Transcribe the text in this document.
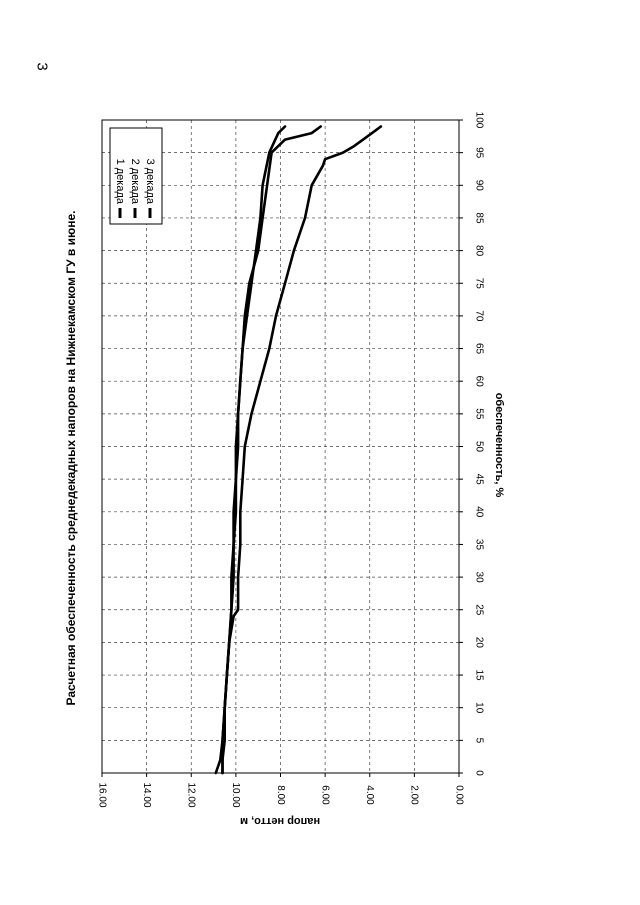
3
0
5
10
15
20
25
30
35
40
45
50
55
60
65
70
75
80
85
90
95
100
0.00
2.00
4.00
6.00
8.00
10.00
12.00
14.00
16.00
1 декада 2 декада 3 декада
Расчетная обеспеченность среднедекадных напоров на Нижнекамском ГУ в июне.	обеспеченность, %
напор нетто, м
